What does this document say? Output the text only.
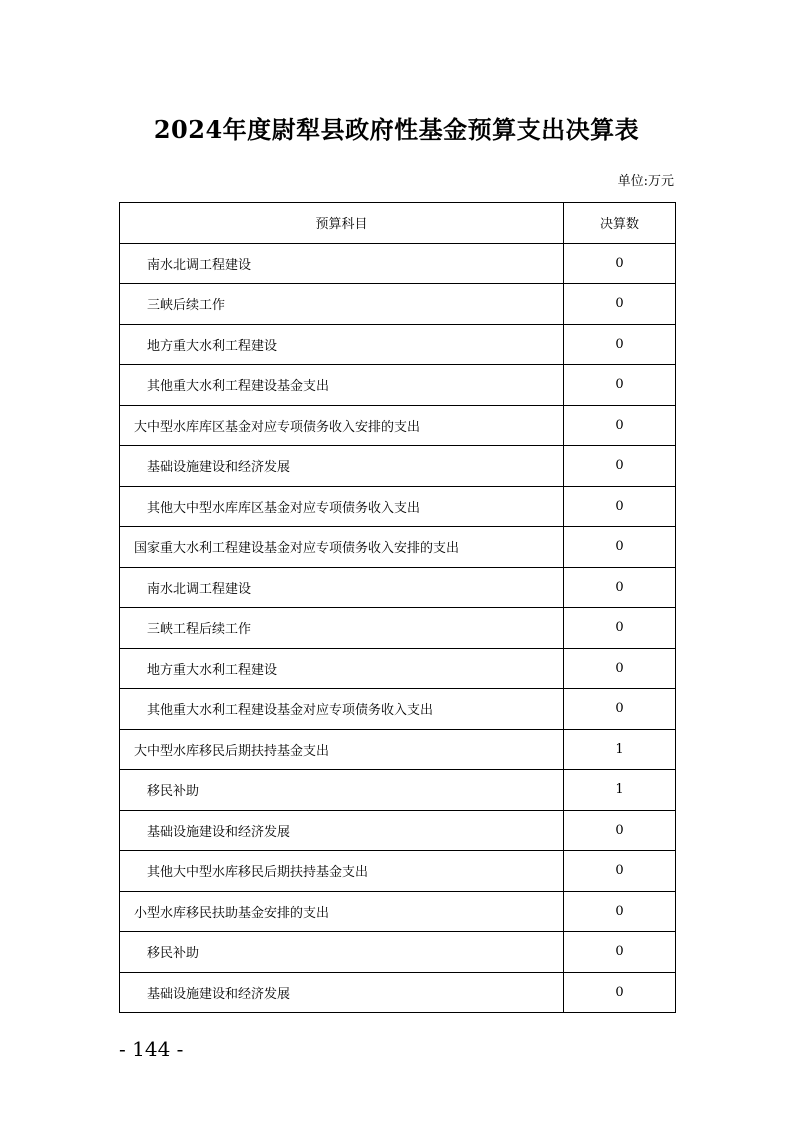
2024年度尉犁县政府性基金预算支出决算表
单位:万元
预算科目	决算数
南水北调工程建设	0
三峡后续工作	0
地方重大水利工程建设	0
其他重大水利工程建设基金支出	0
大中型水库库区基金对应专项债务收入安排的支出	0
基础设施建设和经济发展	0
其他大中型水库库区基金对应专项债务收入支出	0
国家重大水利工程建设基金对应专项债务收入安排的支出	0
南水北调工程建设	0
三峡工程后续工作	0
地方重大水利工程建设	0
其他重大水利工程建设基金对应专项债务收入支出	0
大中型水库移民后期扶持基金支出	1
移民补助	1
基础设施建设和经济发展	0
其他大中型水库移民后期扶持基金支出	0
小型水库移民扶助基金安排的支出	0
移民补助	0
基础设施建设和经济发展	0
- 144 -
